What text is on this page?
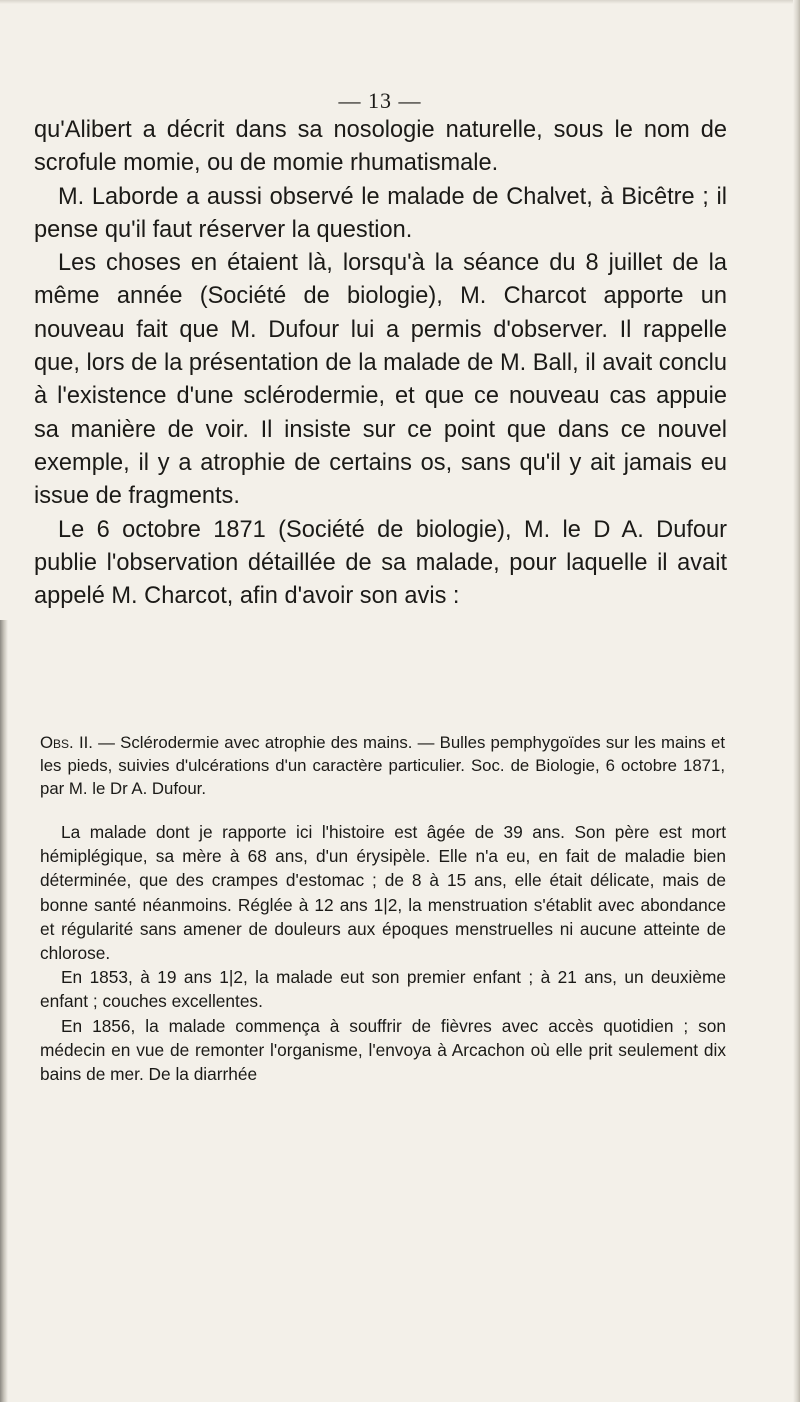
— 13 —

qu'Alibert a décrit dans sa nosologie naturelle, sous le nom de scrofule momie, ou de momie rhumatismale.

M. Laborde a aussi observé le malade de Chalvet, à Bicêtre ; il pense qu'il faut réserver la question.

Les choses en étaient là, lorsqu'à la séance du 8 juillet de la même année (Société de biologie), M. Charcot apporte un nouveau fait que M. Dufour lui a permis d'observer. Il rappelle que, lors de la présentation de la malade de M. Ball, il avait conclu à l'existence d'une sclérodermie, et que ce nouveau cas appuie sa manière de voir. Il insiste sur ce point que dans ce nouvel exemple, il y a atrophie de certains os, sans qu'il y ait jamais eu issue de fragments.

Le 6 octobre 1871 (Société de biologie), M. le D A. Dufour publie l'observation détaillée de sa malade, pour laquelle il avait appelé M. Charcot, afin d'avoir son avis :

Obs. II. — Sclérodermie avec atrophie des mains. — Bulles pemphygoïdes sur les mains et les pieds, suivies d'ulcérations d'un caractère particulier. Soc. de Biologie, 6 octobre 1871, par M. le Dr A. Dufour.

La malade dont je rapporte ici l'histoire est âgée de 39 ans. Son père est mort hémiplégique, sa mère à 68 ans, d'un érysipèle. Elle n'a eu, en fait de maladie bien déterminée, que des crampes d'estomac ; de 8 à 15 ans, elle était délicate, mais de bonne santé néanmoins. Réglée à 12 ans 1|2, la menstruation s'établit avec abondance et régularité sans amener de douleurs aux époques menstruelles ni aucune atteinte de chlorose.

En 1853, à 19 ans 1|2, la malade eut son premier enfant ; à 21 ans, un deuxième enfant ; couches excellentes.

En 1856, la malade commença à souffrir de fièvres avec accès quotidien ; son médecin en vue de remonter l'organisme, l'envoya à Arcachon où elle prit seulement dix bains de mer. De la diarrhée
